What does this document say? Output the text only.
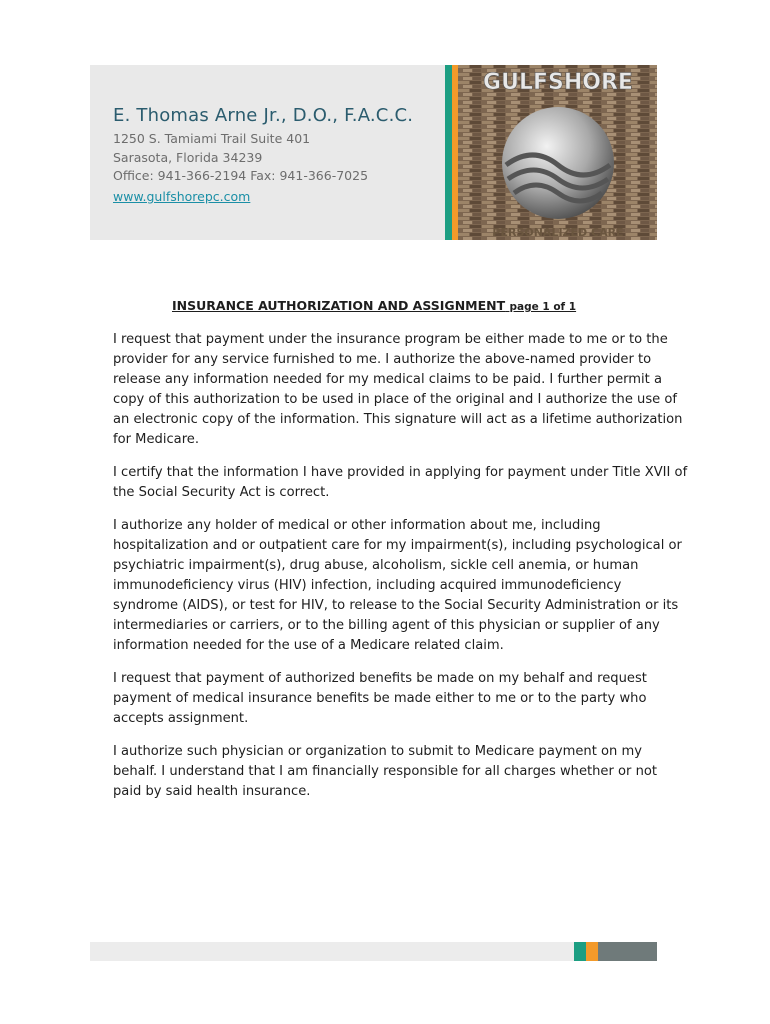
E. Thomas Arne Jr., D.O., F.A.C.C.
1250 S. Tamiami Trail Suite 401
Sarasota, Florida 34239
Office: 941-366-2194 Fax: 941-366-7025
www.gulfshorepc.com
GULFSHORE
PERSONALIZED CARE
INSURANCE AUTHORIZATION AND ASSIGNMENT page 1 of 1

I request that payment under the insurance program be either made to me or to the provider for any service furnished to me. I authorize the above-named provider to release any information needed for my medical claims to be paid. I further permit a copy of this authorization to be used in place of the original and I authorize the use of an electronic copy of the information. This signature will act as a lifetime authorization for Medicare.

I certify that the information I have provided in applying for payment under Title XVII of the Social Security Act is correct.

I authorize any holder of medical or other information about me, including hospitalization and or outpatient care for my impairment(s), including psychological or psychiatric impairment(s), drug abuse, alcoholism, sickle cell anemia, or human immunodeficiency virus (HIV) infection, including acquired immunodeficiency syndrome (AIDS), or test for HIV, to release to the Social Security Administration or its intermediaries or carriers, or to the billing agent of this physician or supplier of any information needed for the use of a Medicare related claim.

I request that payment of authorized benefits be made on my behalf and request payment of medical insurance benefits be made either to me or to the party who accepts assignment.

I authorize such physician or organization to submit to Medicare payment on my behalf. I understand that I am financially responsible for all charges whether or not paid by said health insurance.
